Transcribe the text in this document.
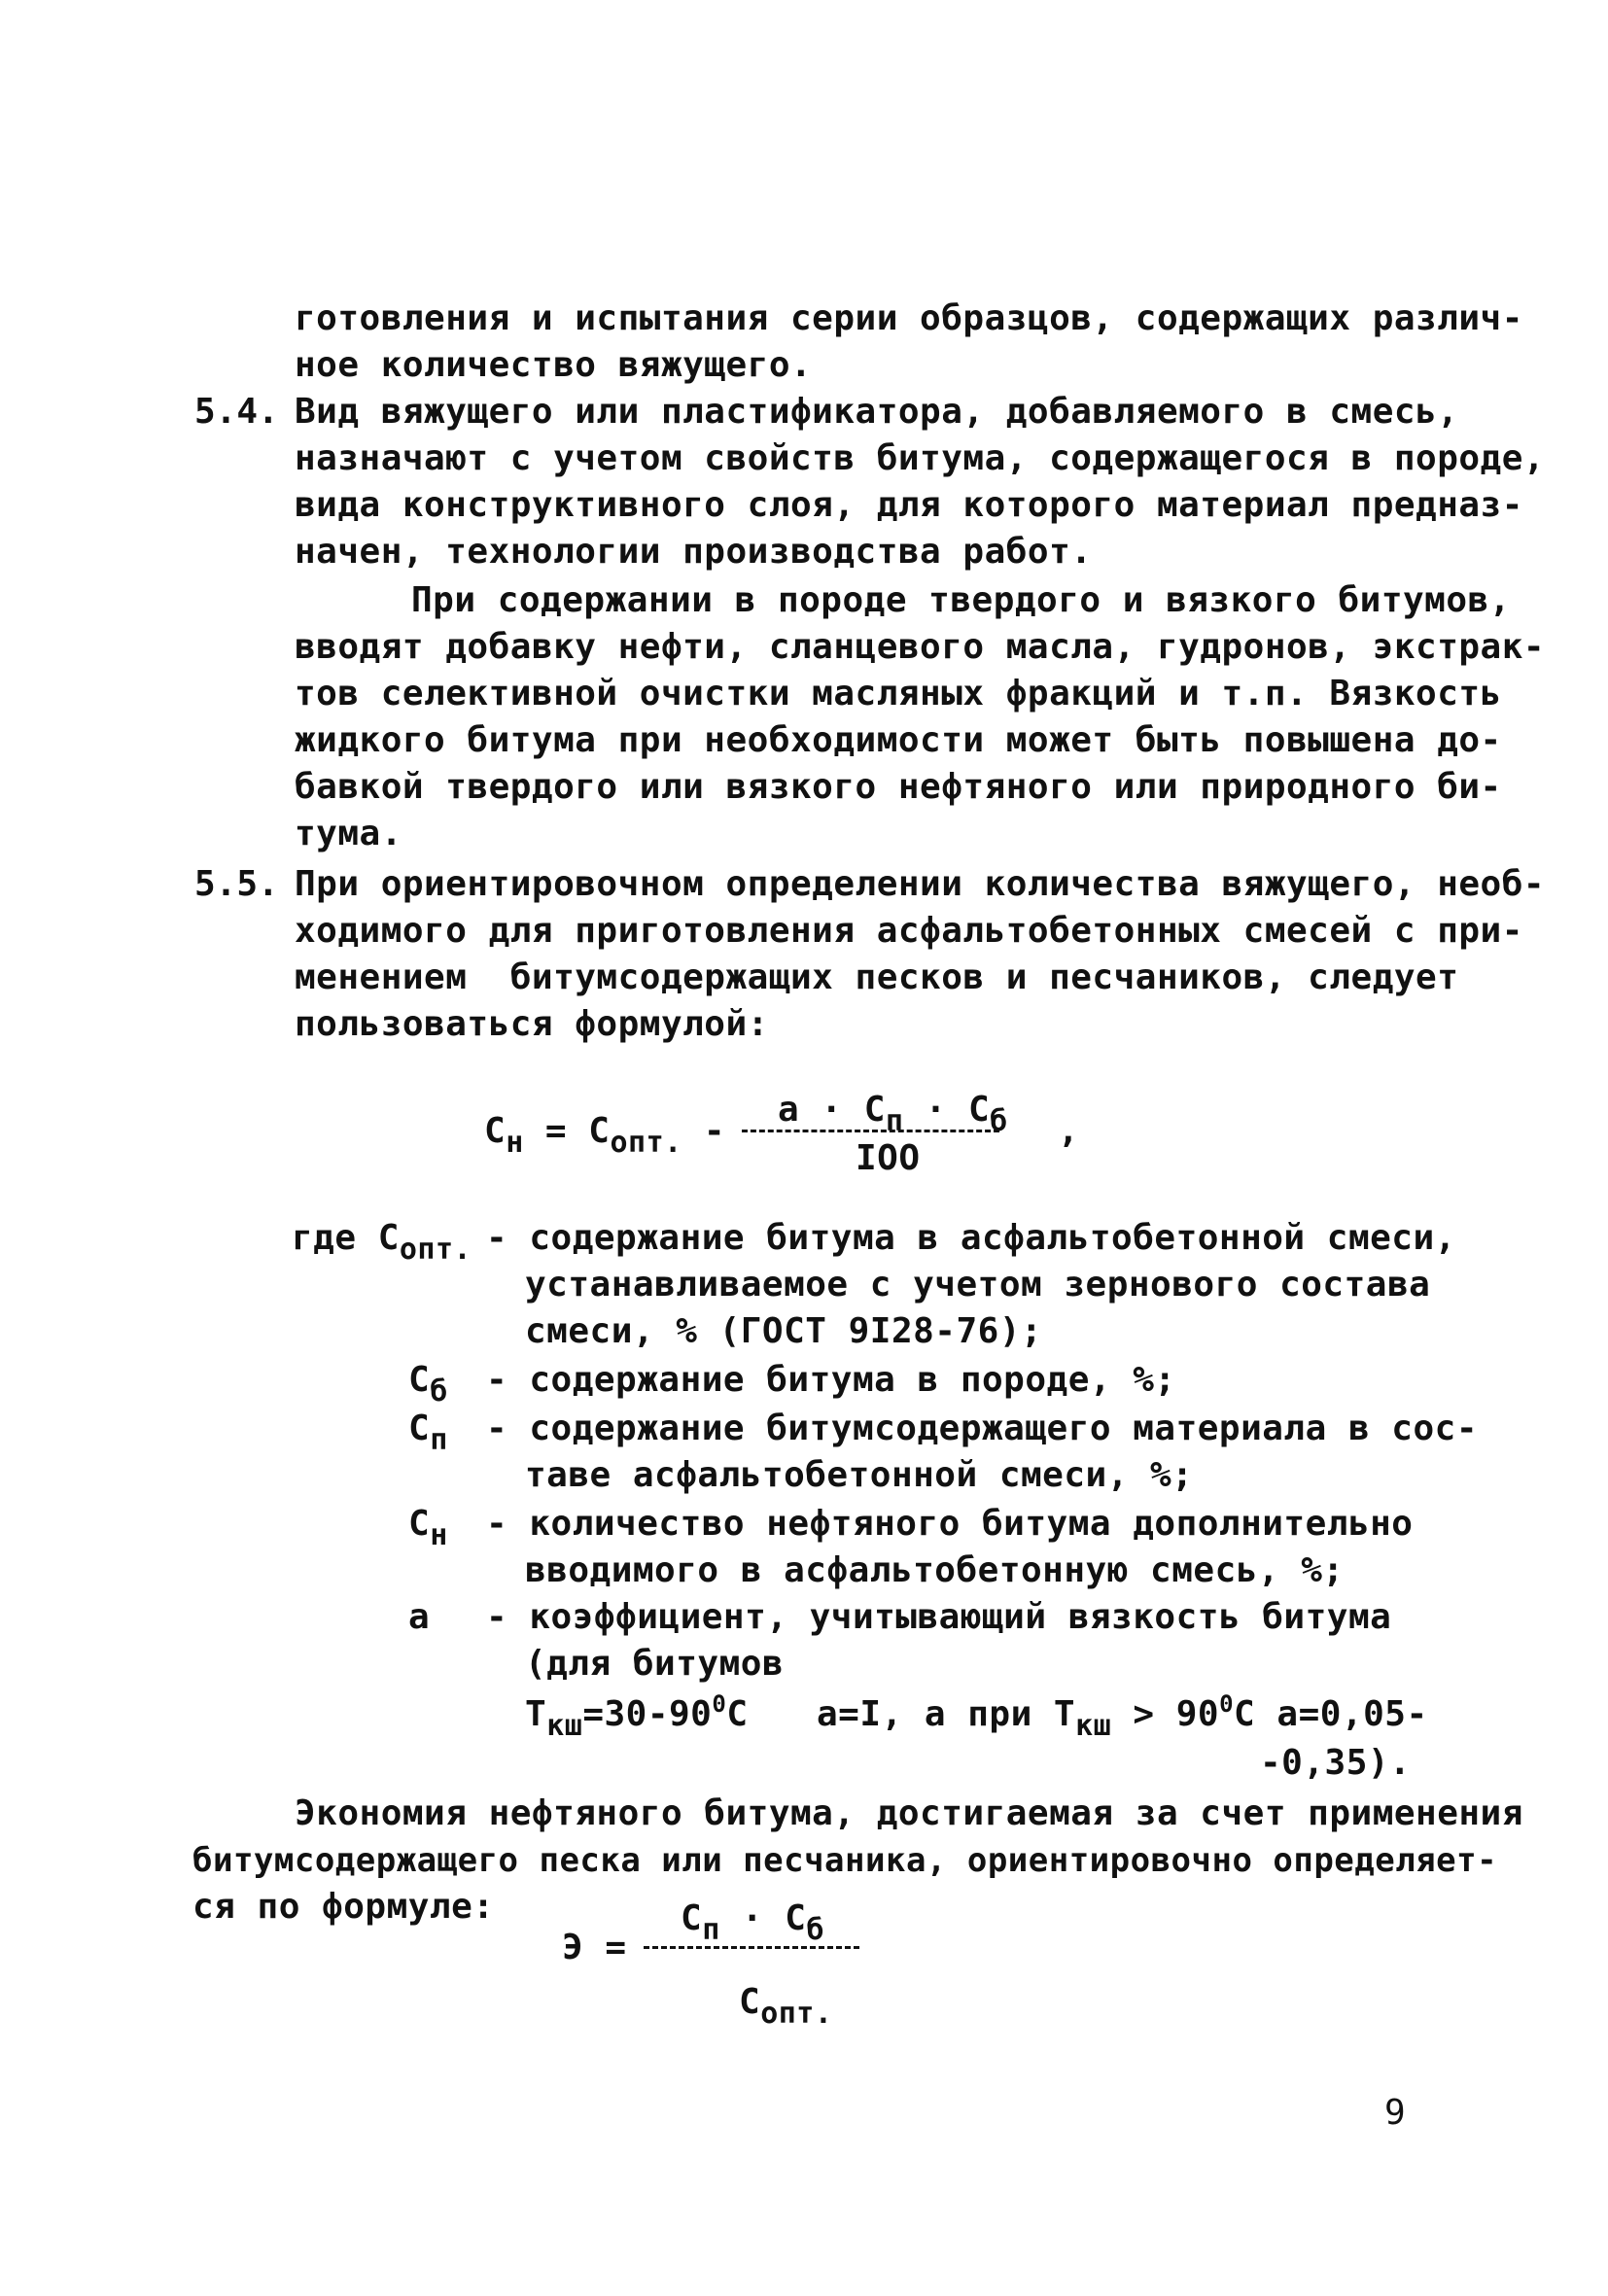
готовления и испытания серии образцов, содержащих различ-
ное количество вяжущего.
5.4. Вид вяжущего или пластификатора, добавляемого в смесь,
назначают с учетом свойств битума, содержащегося в породе,
вида конструктивного слоя, для которого материал предназ-
начен, технологии производства работ.
При содержании в породе твердого и вязкого битумов,
вводят добавку нефти, сланцевого масла, гудронов, экстрак-
тов селективной очистки масляных фракций и т.п. Вязкость
жидкого битума при необходимости может быть повышена до-
бавкой твердого или вязкого нефтяного или природного би-
тума.
5.5. При ориентировочном определении количества вяжущего, необ-
ходимого для приготовления асфальтобетонных смесей с при-
менением  битумсодержащих песков и песчаников, следует
пользоваться формулой:
$С_н = С_{опт.}$ -
$а \cdot С_п \cdot С_б$
IOO
,
где $С_{опт.}$ - содержание битума в асфальтобетонной смеси,
устанавливаемое с учетом зернового состава
смеси, % (ГОСТ 9I28-76);
$С_б$ - содержание битума в породе, %;
$С_п$ - содержание битумсодержащего материала в сос-
таве асфальтобетонной смеси, %;
$С_н$ - количество нефтяного битума дополнительно
вводимого в асфальтобетонную смесь, %;
а - коэффициент, учитывающий вязкость битума
(для битумов
$Т_{кш}=30-90^0С$ а=I, а при $Т_{кш} > 90^0С$ а=0,05-
-0,35).
Экономия нефтяного битума, достигаемая за счет применения
битумсодержащего песка или песчаника, ориентировочно определяет-
ся по формуле:
Э =
$С_п \cdot С_б$
$С_{опт.}$
9
